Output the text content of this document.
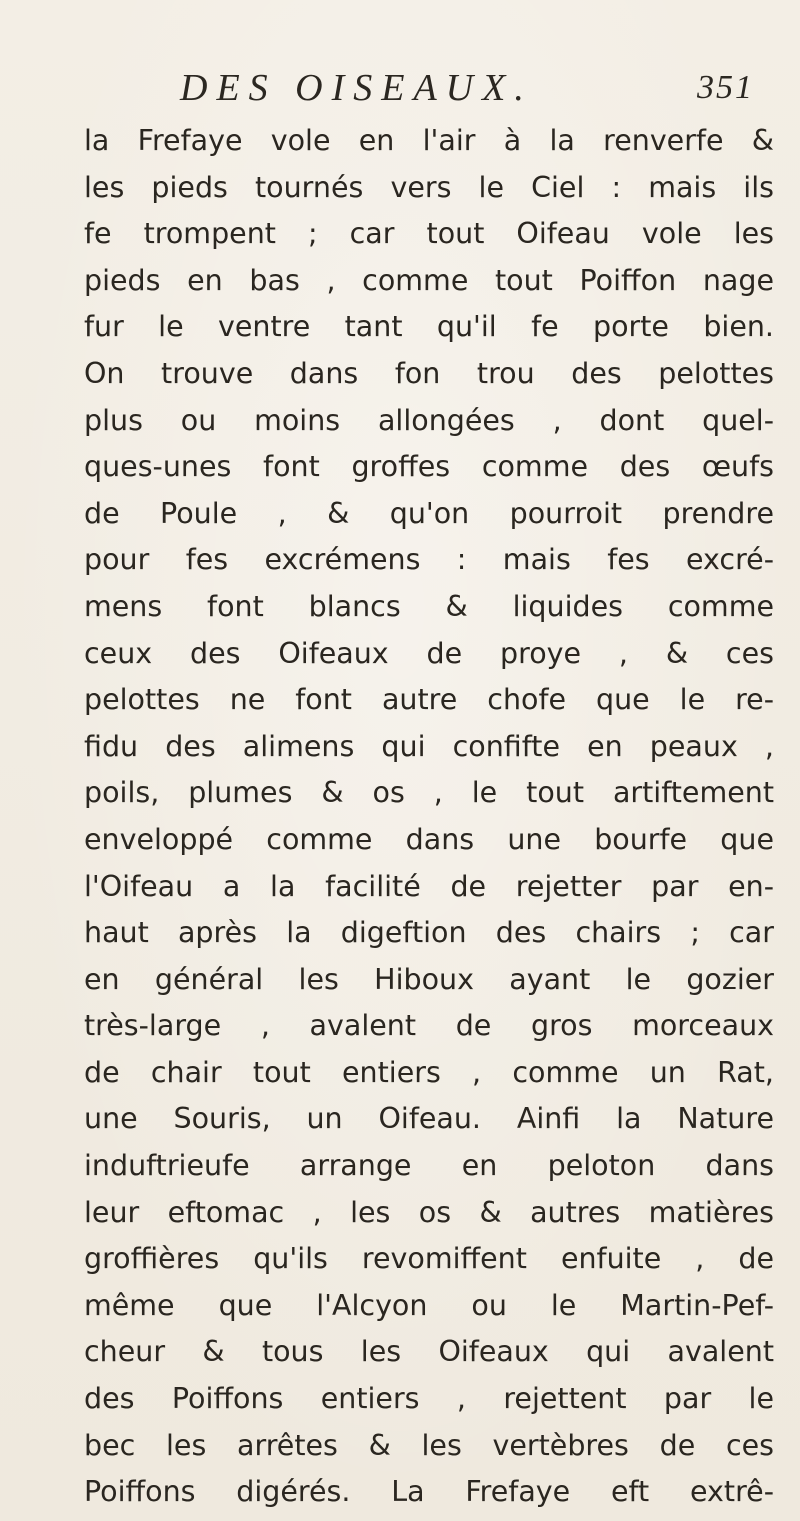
DES OISEAUX.	351
la Frefaye vole en l'air à la renverfe &
les pieds tournés vers le Ciel : mais ils
fe trompent ; car tout Oifeau vole les
pieds en bas , comme tout Poiffon nage
fur le ventre tant qu'il fe porte bien.
On trouve dans fon trou des pelottes
plus ou moins allongées , dont quel-
ques-unes font groffes comme des œufs
de Poule , & qu'on pourroit prendre
pour fes excrémens : mais fes excré-
mens font blancs & liquides comme
ceux des Oifeaux de proye , & ces
pelottes ne font autre chofe que le re-
fidu des alimens qui confifte en peaux ,
poils, plumes & os , le tout artiftement
enveloppé comme dans une bourfe que
l'Oifeau a la facilité de rejetter par en-
haut après la digeftion des chairs ; car
en général les Hiboux ayant le gozier
très-large , avalent de gros morceaux
de chair tout entiers , comme un Rat,
une Souris, un Oifeau. Ainfi la Nature
induftrieufe arrange en peloton dans
leur eftomac , les os & autres matières
groffières qu'ils revomiffent enfuite , de
même que l'Alcyon ou le Martin-Pef-
cheur & tous les Oifeaux qui avalent
des Poiffons entiers , rejettent par le
bec les arrêtes & les vertèbres de ces
Poiffons digérés. La Frefaye eft extrê-
